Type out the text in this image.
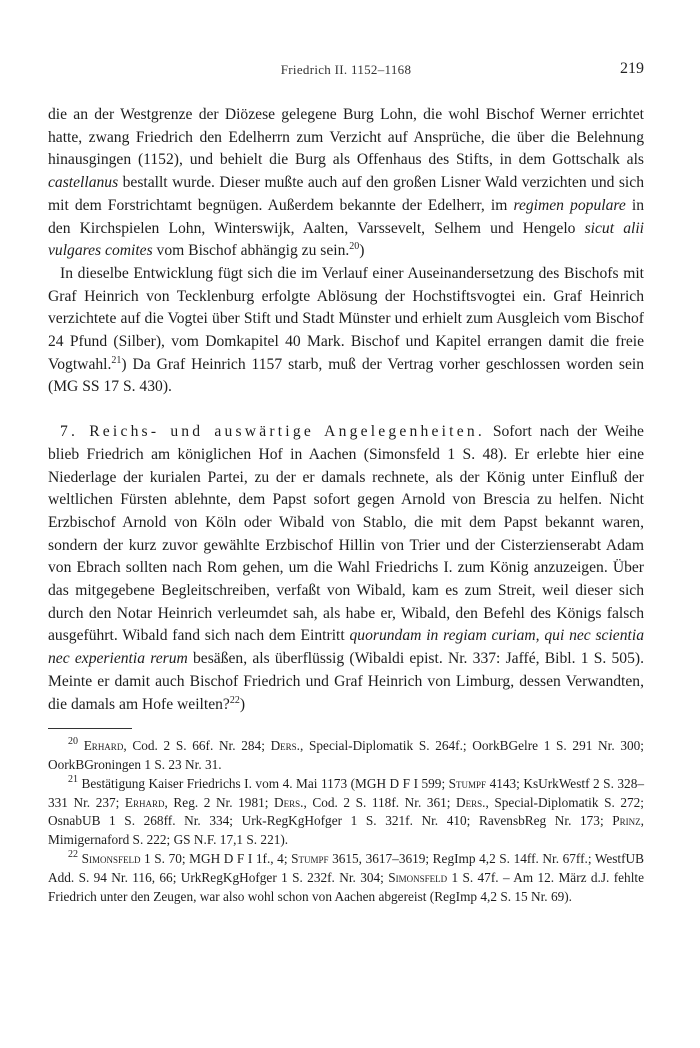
Friedrich II. 1152–1168	219

die an der Westgrenze der Diözese gelegene Burg Lohn, die wohl Bischof Werner errichtet hatte, zwang Friedrich den Edelherrn zum Verzicht auf Ansprüche, die über die Belehnung hinausgingen (1152), und behielt die Burg als Offenhaus des Stifts, in dem Gottschalk als castellanus bestallt wurde. Dieser mußte auch auf den großen Lisner Wald verzichten und sich mit dem Forstrichtamt begnügen. Außerdem bekannte der Edelherr, im regimen populare in den Kirchspielen Lohn, Winterswijk, Aalten, Varssevelt, Selhem und Hengelo sicut alii vulgares comites vom Bischof abhängig zu sein.$^{20}$)

In dieselbe Entwicklung fügt sich die im Verlauf einer Auseinandersetzung des Bischofs mit Graf Heinrich von Tecklenburg erfolgte Ablösung der Hochstiftsvogtei ein. Graf Heinrich verzichtete auf die Vogtei über Stift und Stadt Münster und erhielt zum Ausgleich vom Bischof 24 Pfund (Silber), vom Domkapitel 40 Mark. Bischof und Kapitel errangen damit die freie Vogtwahl.$^{21}$) Da Graf Heinrich 1157 starb, muß der Vertrag vorher geschlossen worden sein (MG SS 17 S. 430).

7. Reichs- und auswärtige Angelegenheiten. Sofort nach der Weihe blieb Friedrich am königlichen Hof in Aachen (Simonsfeld 1 S. 48). Er erlebte hier eine Niederlage der kurialen Partei, zu der er damals rechnete, als der König unter Einfluß der weltlichen Fürsten ablehnte, dem Papst sofort gegen Arnold von Brescia zu helfen. Nicht Erzbischof Arnold von Köln oder Wibald von Stablo, die mit dem Papst bekannt waren, sondern der kurz zuvor gewählte Erzbischof Hillin von Trier und der Cisterzienserabt Adam von Ebrach sollten nach Rom gehen, um die Wahl Friedrichs I. zum König anzuzeigen. Über das mitgegebene Begleitschreiben, verfaßt von Wibald, kam es zum Streit, weil dieser sich durch den Notar Heinrich verleumdet sah, als habe er, Wibald, den Befehl des Königs falsch ausgeführt. Wibald fand sich nach dem Eintritt quorundam in regiam curiam, qui nec scientia nec experientia rerum besäßen, als überflüssig (Wibaldi epist. Nr. 337: Jaffé, Bibl. 1 S. 505). Meinte er damit auch Bischof Friedrich und Graf Heinrich von Limburg, dessen Verwandten, die damals am Hofe weilten?$^{22}$)

$^{20}$ Erhard, Cod. 2 S. 66f. Nr. 284; Ders., Special-Diplomatik S. 264f.; OorkBGelre 1 S. 291 Nr. 300; OorkBGroningen 1 S. 23 Nr. 31.

$^{21}$ Bestätigung Kaiser Friedrichs I. vom 4. Mai 1173 (MGH D F I 599; Stumpf 4143; KsUrkWestf 2 S. 328–331 Nr. 237; Erhard, Reg. 2 Nr. 1981; Ders., Cod. 2 S. 118f. Nr. 361; Ders., Special-Diplomatik S. 272; OsnabUB 1 S. 268ff. Nr. 334; Urk-RegKgHofger 1 S. 321f. Nr. 410; RavensbReg Nr. 173; Prinz, Mimigernaford S. 222; GS N.F. 17,1 S. 221).

$^{22}$ Simonsfeld 1 S. 70; MGH D F I 1f., 4; Stumpf 3615, 3617–3619; RegImp 4,2 S. 14ff. Nr. 67ff.; WestfUB Add. S. 94 Nr. 116, 66; UrkRegKgHofger 1 S. 232f. Nr. 304; Simonsfeld 1 S. 47f. – Am 12. März d.J. fehlte Friedrich unter den Zeugen, war also wohl schon von Aachen abgereist (RegImp 4,2 S. 15 Nr. 69).
